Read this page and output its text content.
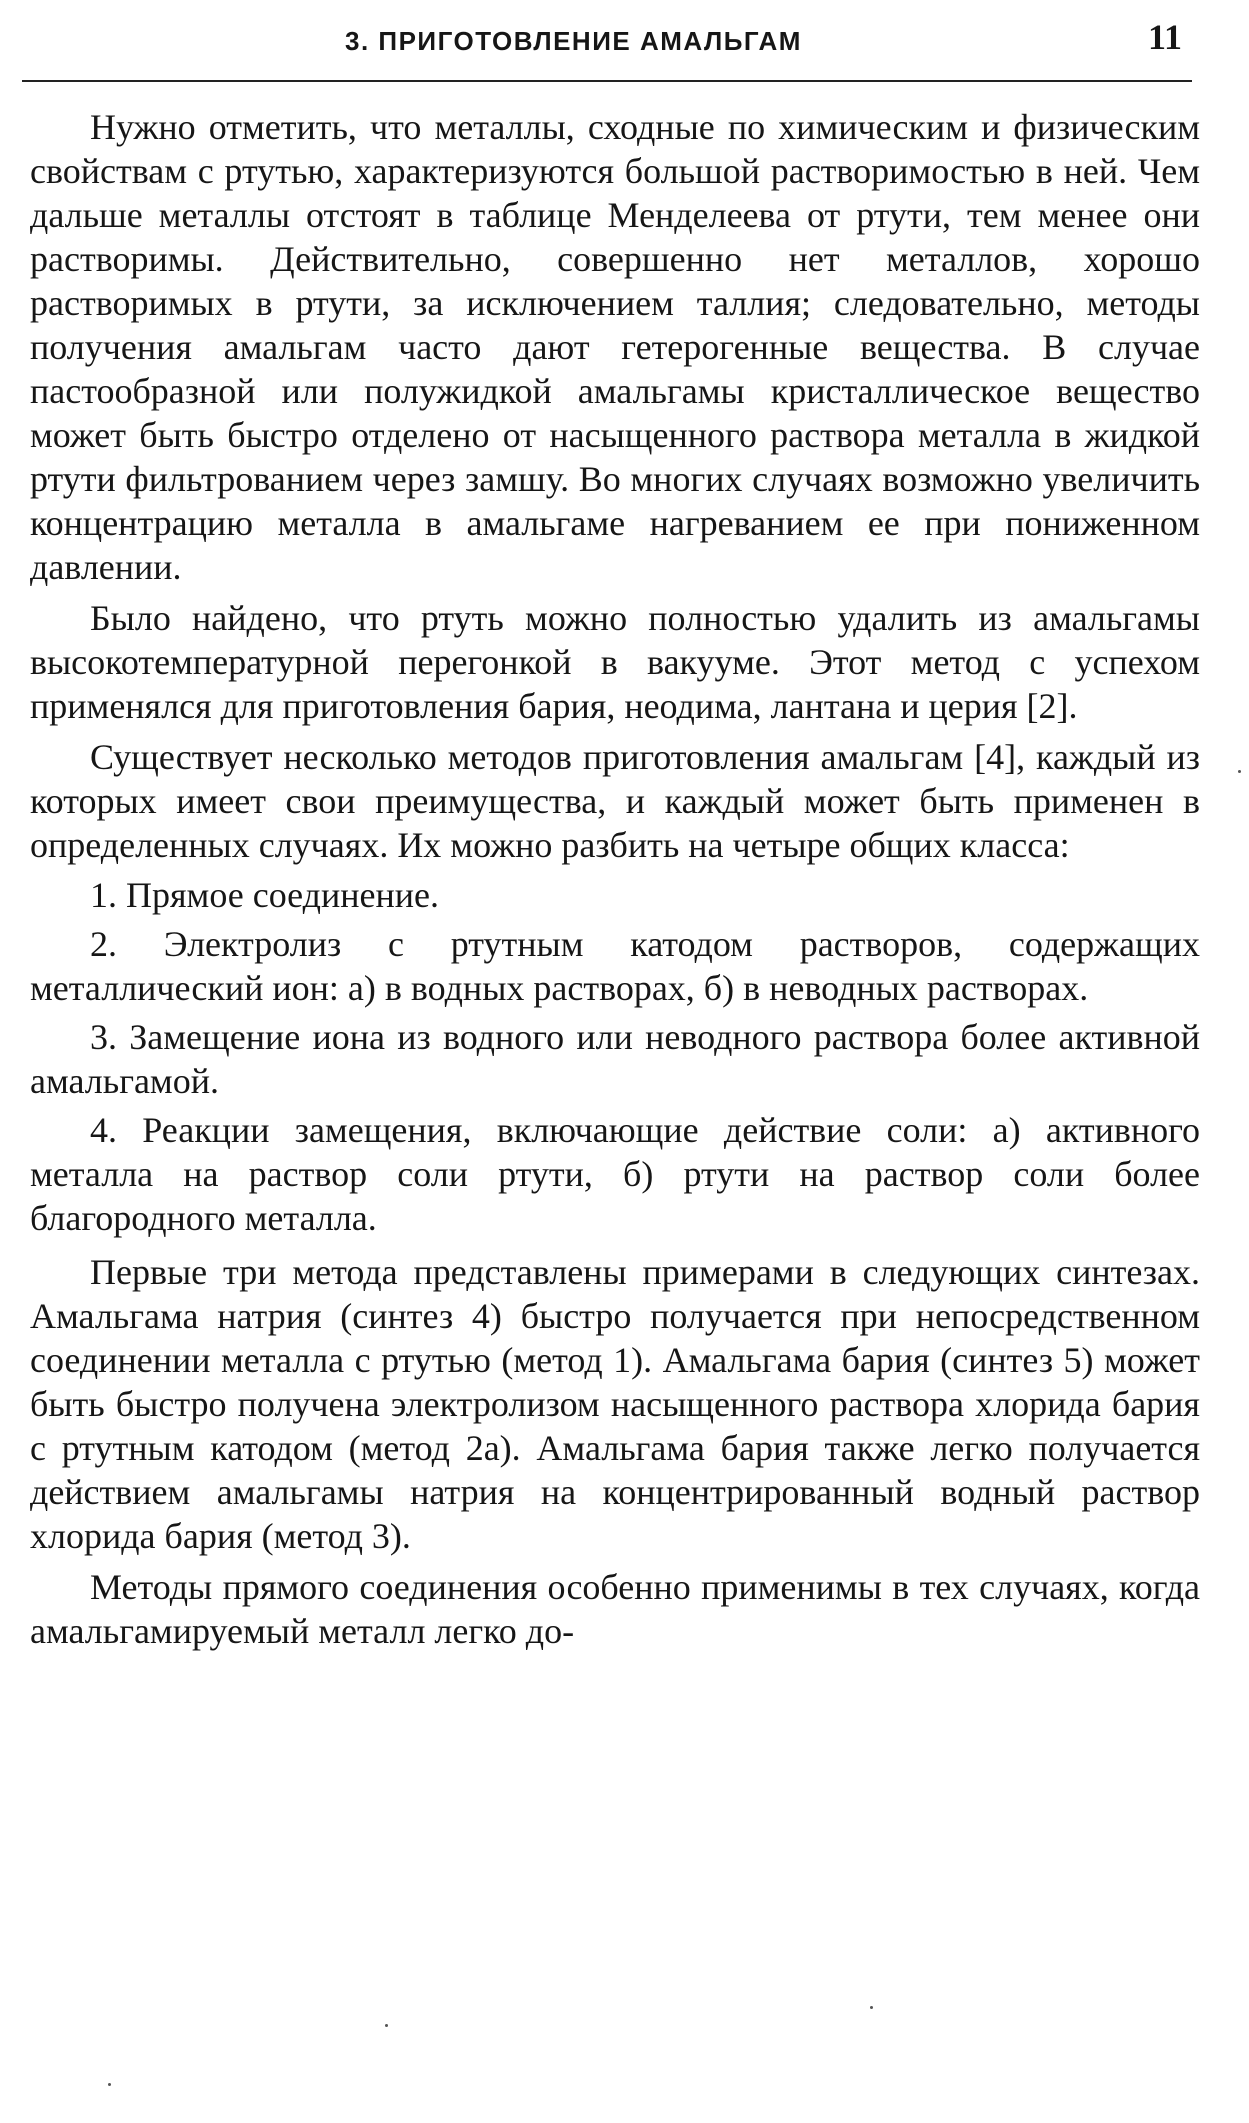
3. ПРИГОТОВЛЕНИЕ АМАЛЬГАМ	11

Нужно отметить, что металлы, сходные по химическим и физическим свойствам с ртутью, характеризуются большой растворимостью в ней. Чем дальше металлы отстоят в таблице Менделеева от ртути, тем менее они растворимы. Действительно, совершенно нет металлов, хорошо растворимых в ртути, за исключением таллия; следовательно, методы получения амальгам часто дают гетерогенные вещества. В случае пастообразной или полужидкой амальгамы кристаллическое вещество может быть быстро отделено от насыщенного раствора металла в жидкой ртути фильтрованием через замшу. Во многих случаях возможно увеличить концентрацию металла в амальгаме нагреванием ее при пониженном давлении.

Было найдено, что ртуть можно полностью удалить из амальгамы высокотемпературной перегонкой в вакууме. Этот метод с успехом применялся для приготовления бария, неодима, лантана и церия [2].

Существует несколько методов приготовления амальгам [4], каждый из которых имеет свои преимущества, и каждый может быть применен в определенных случаях. Их можно разбить на четыре общих класса:

1. Прямое соединение.

2. Электролиз с ртутным катодом растворов, содержащих металлический ион: а) в водных растворах, б) в неводных растворах.

3. Замещение иона из водного или неводного раствора более активной амальгамой.

4. Реакции замещения, включающие действие соли: а) активного металла на раствор соли ртути, б) ртути на раствор соли более благородного металла.

Первые три метода представлены примерами в следующих синтезах. Амальгама натрия (синтез 4) быстро получается при непосредственном соединении металла с ртутью (метод 1). Амальгама бария (синтез 5) может быть быстро получена электролизом насыщенного раствора хлорида бария с ртутным катодом (метод 2а). Амальгама бария также легко получается действием амальгамы натрия на концентрированный водный раствор хлорида бария (метод 3).

Методы прямого соединения особенно применимы в тех случаях, когда амальгамируемый металл легко до-
